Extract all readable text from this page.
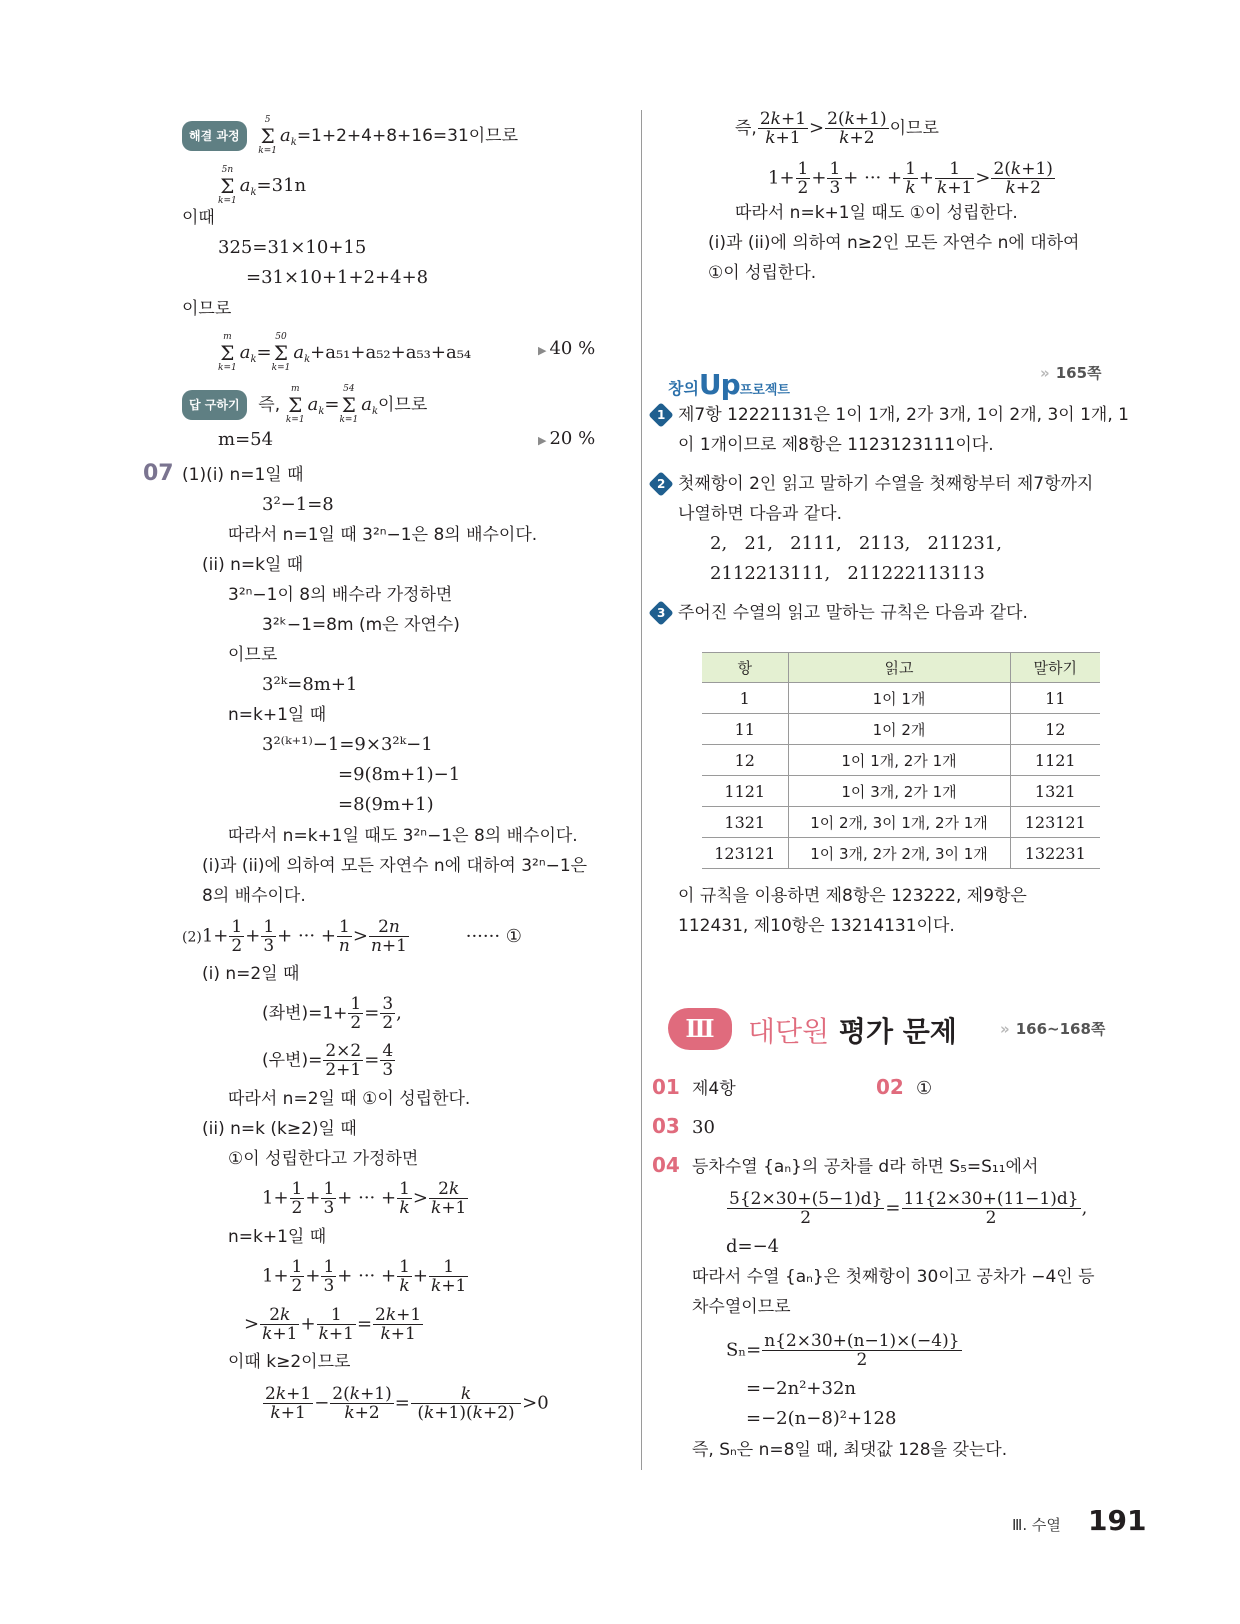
해결 과정
5
Σ
k=1
$a_k=1+2+4+8+16=31$이므로
5n
Σ
k=1
$a_k=31n$
이때
325=31×10+15
=31×10+1+2+4+8
이므로
m
Σ
k=1
$a_k=$
50
Σ
k=1
$a_k+a_{51}+a_{52}+a_{53}+a_{54}$	▶ 40 %
답 구하기 즉,
m
Σ
k=1
$a_k=$
54
Σ
k=1
$a_k$이므로
m=54	▶ 20 %
07 (1)(i) n=1일 때
3²−1=8
따라서 n=1일 때 3²ⁿ−1은 8의 배수이다.
(ii) n=k일 때
3²ⁿ−1이 8의 배수라 가정하면
3²ᵏ−1=8m (m은 자연수)
이므로
3²ᵏ=8m+1
n=k+1일 때
3²⁽ᵏ⁺¹⁾−1=9×3²ᵏ−1
=9(8m+1)−1
=8(9m+1)
따라서 n=k+1일 때도 3²ⁿ−1은 8의 배수이다.
(i)과 (ii)에 의하여 모든 자연수 n에 대하여 3²ⁿ−1은
8의 배수이다.
$(2)1+ \frac{1}{2} + \frac{1}{3}$ + ··· + $\frac{1}{n} > \frac{2n}{n+1}$	······ ①
(i) n=2일 때
(좌변)$=1+ \frac{1}{2} = \frac{3}{2}$ ,
(우변)= $\frac{2\times 2}{2+1} = \frac{4}{3}$
따라서 n=2일 때 ①이 성립한다.
(ii) n=k (k≥2)일 때
①이 성립한다고 가정하면
$1+ \frac{1}{2} + \frac{1}{3}$ + ··· + $\frac{1}{k} > \frac{2k}{k+1}$
n=k+1일 때
$1+ \frac{1}{2} + \frac{1}{3}$ + ··· + $\frac{1}{k} + \frac{1}{k+1}$
> $\frac{2k}{k+1} + \frac{1}{k+1} = \frac{2k+1}{k+1}$
이때 k≥2이므로
$\frac{2k+1}{k+1} - \frac{2(k+1)}{k+2} = \frac{k}{(k+1)(k+2)} >0$
즉, $\frac{2k+1}{k+1} > \frac{2(k+1)}{k+2}$ 이므로
$1+ \frac{1}{2} + \frac{1}{3}$ + ··· + $\frac{1}{k} + \frac{1}{k+1} > \frac{2(k+1)}{k+2}$
따라서 n=k+1일 때도 ①이 성립한다.
(i)과 (ii)에 의하여 n≥2인 모든 자연수 n에 대하여
①이 성립한다.
창의Up프로젝트
» 165쪽
1 제7항 12221131은 1이 1개, 2가 3개, 1이 2개, 3이 1개, 1
이 1개이므로 제8항은 1123123111이다.
2 첫째항이 2인 읽고 말하기 수열을 첫째항부터 제7항까지
나열하면 다음과 같다.
2,   21,   2111,   2113,   211231,
2112213111,   211222113113
3 주어진 수열의 읽고 말하는 규칙은 다음과 같다.
항	읽고	말하기
1	1이 1개	11
11	1이 2개	12
12	1이 1개, 2가 1개	1121
1121	1이 3개, 2가 1개	1321
1321	1이 2개, 3이 1개, 2가 1개	123121
123121	1이 3개, 2가 2개, 3이 1개	132231
이 규칙을 이용하면 제8항은 123222, 제9항은
112431, 제10항은 13214131이다.
Ⅲ	대단원 평가 문제	» 166~168쪽
01 제4항	02 ①
03 30
04 등차수열 {aₙ}의 공차를 d라 하면 S₅=S₁₁에서
$\frac{5\{2\times 30+(5-1)d\}}{2} = \frac{11\{2\times 30+(11-1)d\}}{2}$ ,
d=−4
따라서 수열 {aₙ}은 첫째항이 30이고 공차가 −4인 등
차수열이므로
$S_n= \frac{n\{2\times 30+(n-1)\times(-4)\}}{2}$
=−2n²+32n
=−2(n−8)²+128
즉, Sₙ은 n=8일 때, 최댓값 128을 갖는다.
Ⅲ. 수열 191
